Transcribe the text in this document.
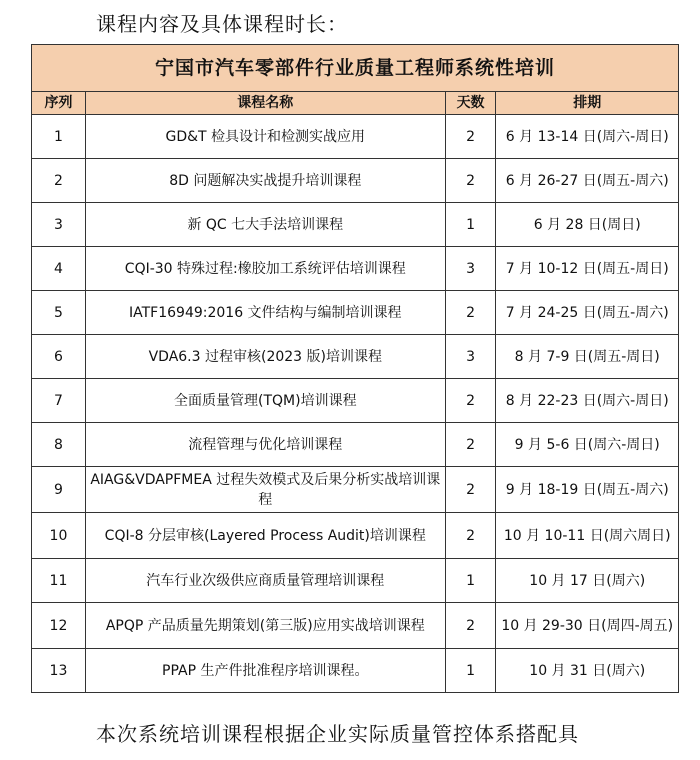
课程内容及具体课程时长：
宁国市汽车零部件行业质量工程师系统性培训			
序列	课程名称	天数	排期
1	GD&T 检具设计和检测实战应用	2	6 月 13-14 日(周六-周日)
2	8D 问题解决实战提升培训课程	2	6 月 26-27 日(周五-周六)
3	新 QC 七大手法培训课程	1	6 月 28 日(周日)
4	CQI-30 特殊过程:橡胶加工系统评估培训课程	3	7 月 10-12 日(周五-周日)
5	IATF16949:2016 文件结构与编制培训课程	2	7 月 24-25 日(周五-周六)
6	VDA6.3 过程审核(2023 版)培训课程	3	8 月 7-9 日(周五-周日)
7	全面质量管理(TQM)培训课程	2	8 月 22-23 日(周六-周日)
8	流程管理与优化培训课程	2	9 月 5-6 日(周六-周日)
9	AIAG&VDAPFMEA 过程失效模式及后果分析实战培训课程	2	9 月 18-19 日(周五-周六)
10	CQI-8 分层审核(Layered Process Audit)培训课程	2	10 月 10-11 日(周六周日)
11	汽车行业次级供应商质量管理培训课程	1	10 月 17 日(周六)
12	APQP 产品质量先期策划(第三版)应用实战培训课程	2	10 月 29-30 日(周四-周五)
13	PPAP 生产件批准程序培训课程。	1	10 月 31 日(周六)
本次系统培训课程根据企业实际质量管控体系搭配具
